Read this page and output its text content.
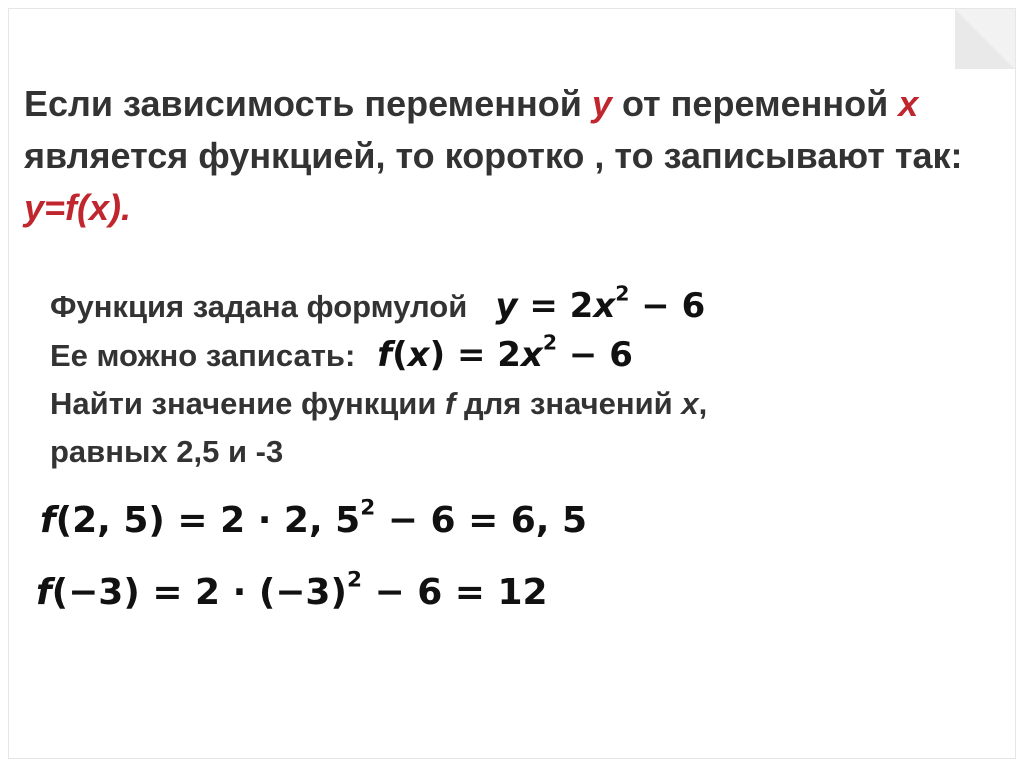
Если зависимость переменной y от переменной x является функцией, то коротко , то записывают так: y=f(x).
Функция задана формулой $y = 2x^2 - 6$
Ее можно записать: $f(x) = 2x^2 - 6$
Найти значение функции f для значений x,
равных 2,5 и -3
f(2, 5) = 2 · 2, $5^2 - 6 = 6$, 5
$f(-3) = 2 \cdot (-3)^2 - 6 = 12$
